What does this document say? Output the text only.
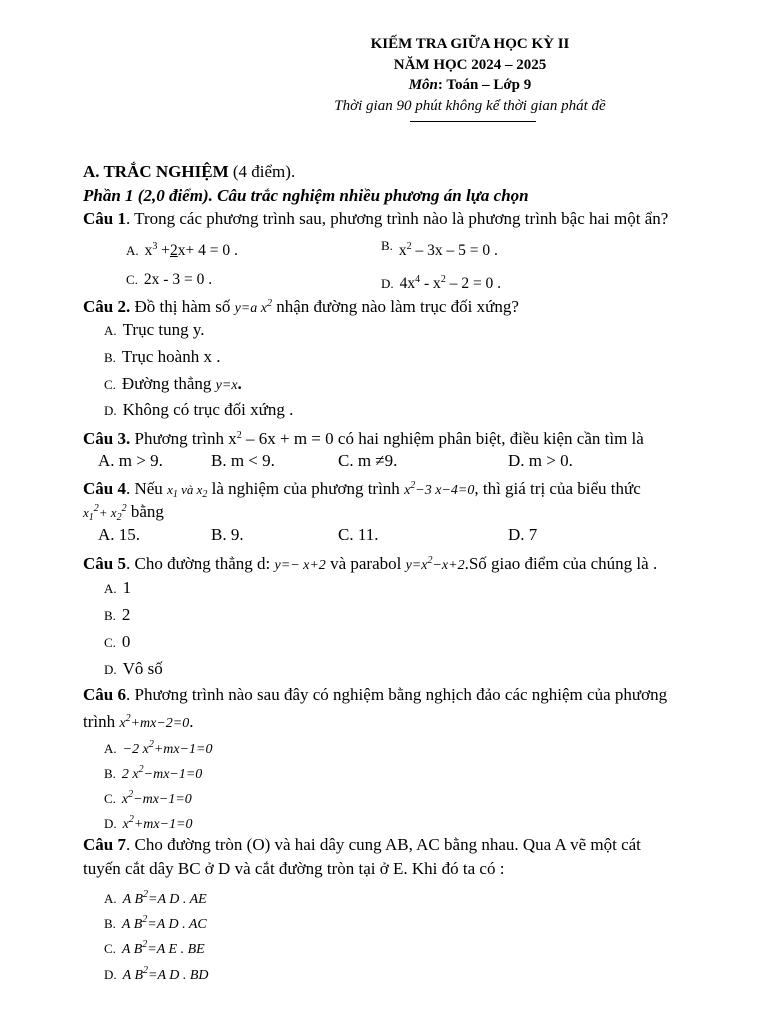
KIẾM TRA GIỮA HỌC KỲ II
NĂM HỌC 2024 – 2025
Môn: Toán – Lớp 9
Thời gian 90 phút không kể thời gian phát đề
A. TRẮC NGHIỆM (4 điểm).
Phần 1 (2,0 điểm). Câu trắc nghiệm nhiều phương án lựa chọn
Câu 1. Trong các phương trình sau, phương trình nào là phương trình bậc hai một ẩn?
A. $x^3 +2x+ 4 = 0$ .	$^{B.}$ $x^2 - 3x - 5 = 0$ .
C. 2x - 3 = 0 .	D. $4x^4 - x^2 - 2 = 0$ .
Câu 2. Đồ thị hàm số y=a $x^2$ nhận đường nào làm trục đối xứng?
A. Trục tung y.
B. Trục hoành x .
C. Đường thẳng y=x.
D. Không có trục đối xứng .
Câu 3. Phương trình $x^2 - 6x + m = 0$ có hai nghiệm phân biệt, điều kiện cần tìm là
A. m > 9.	B. m < 9.	C. m ≠9.	D. m > 0.
Câu 4. Nếu $x_1$ và $x_2$ là nghiệm của phương trình $x^2-3$ x−4=0, thì giá trị của biểu thức
$x_1^2+ x_2^2$ bằng
A. 15.	B. 9.	C. 11.	D. 7
Câu 5. Cho đường thẳng d: y=− x+2 và parabol $y=x^2-x+2.Số$ giao điểm của chúng là .
A. 1
B. 2
C. 0
D. Vô số
Câu 6. Phương trình nào sau đây có nghiệm bằng nghịch đảo các nghiệm của phương
trình $x^2+mx-2=0$.
A. −2 $x^2+mx-1=0$
B. 2 $x^2-mx-1=0$
C. $x^2-mx-1=0$
D. $x^2+mx-1=0$
Câu 7. Cho đường tròn (O) và hai dây cung AB, AC bằng nhau. Qua A vẽ một cát
tuyến cắt dây BC ở D và cắt đường tròn tại ở E. Khi đó ta có :
A. A $B^2=A$ D . AE
B. A $B^2=A$ D . AC
C. A $B^2=A$ E . BE
D. A $B^2=A$ D . BD
